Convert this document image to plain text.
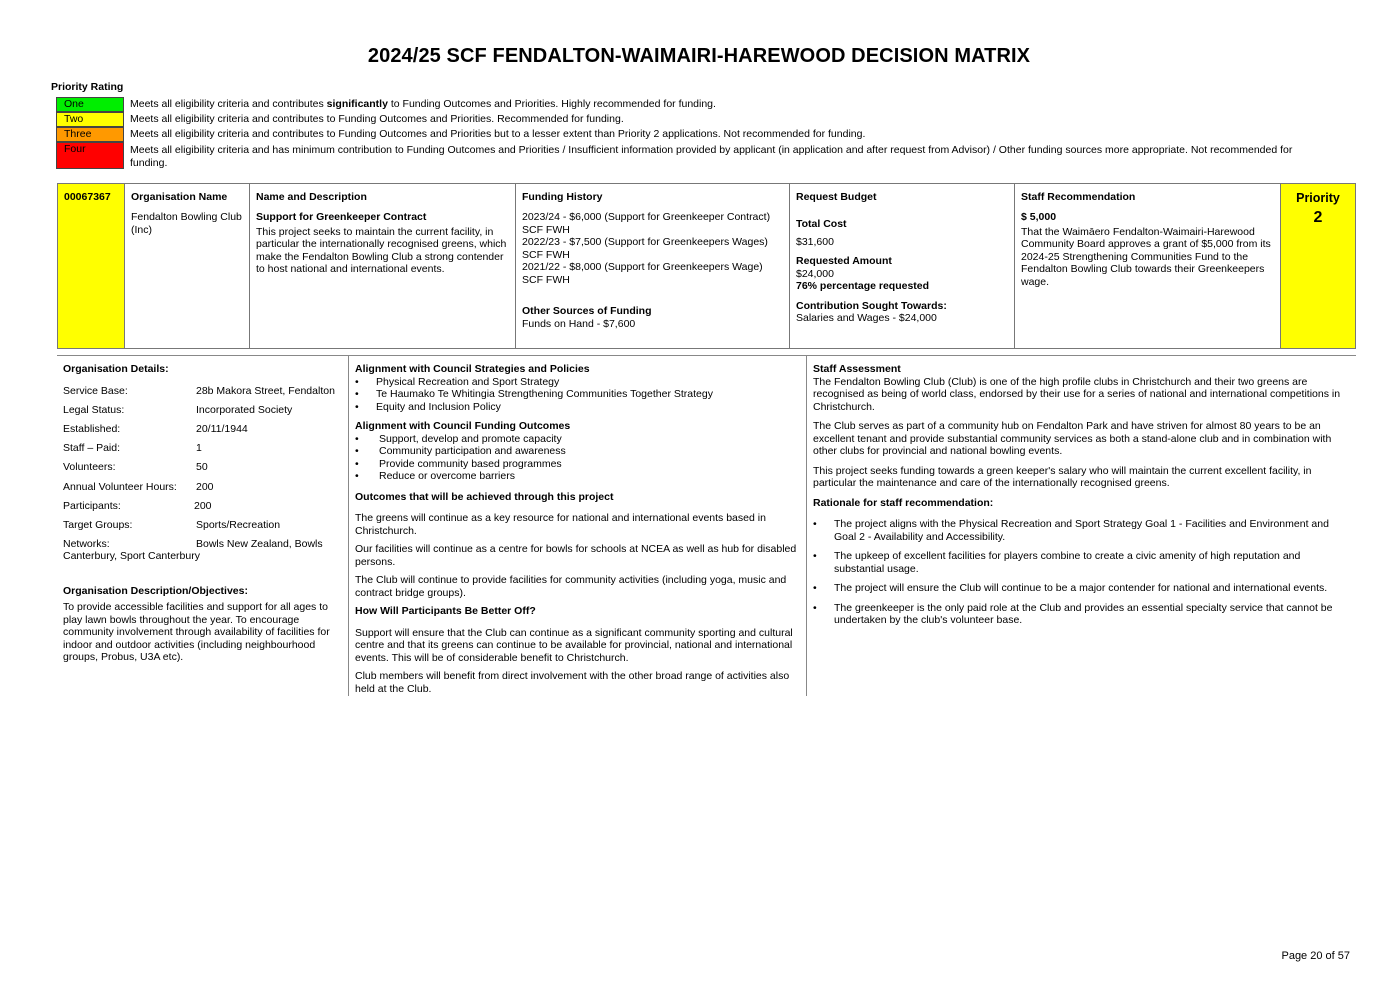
2024/25 SCF FENDALTON-WAIMAIRI-HAREWOOD DECISION MATRIX
Priority Rating
One	Meets all eligibility criteria and contributes significantly to Funding Outcomes and Priorities. Highly recommended for funding.
Two	Meets all eligibility criteria and contributes to Funding Outcomes and Priorities. Recommended for funding.
Three	Meets all eligibility criteria and contributes to Funding Outcomes and Priorities but to a lesser extent than Priority 2 applications. Not recommended for funding.
Four	Meets all eligibility criteria and has minimum contribution to Funding Outcomes and Priorities / Insufficient information provided by applicant (in application and after request from Advisor) / Other funding sources more appropriate. Not recommended for funding.
00067367	Organisation Name
Fendalton Bowling Club (Inc)
Name and Description
Support for Greenkeeper Contract
This project seeks to maintain the current facility, in particular the internationally recognised greens, which make the Fendalton Bowling Club a strong contender to host national and international events.
Funding History
2023/24 - $6,000 (Support for Greenkeeper Contract) SCF FWH
2022/23 - $7,500 (Support for Greenkeepers Wages) SCF FWH
2021/22 - $8,000 (Support for Greenkeepers Wage) SCF FWH
Other Sources of Funding
Funds on Hand - $7,600
Request Budget
Total Cost
$31,600
Requested Amount
$24,000
76% percentage requested
Contribution Sought Towards:
Salaries and Wages - $24,000
Staff Recommendation
$ 5,000
That the Waimāero Fendalton-Waimairi-Harewood Community Board approves a grant of $5,000 from its 2024-25 Strengthening Communities Fund to the Fendalton Bowling Club towards their Greenkeepers wage.
Priority
2
Organisation Details:
Service Base:	28b Makora Street, Fendalton
Legal Status:	Incorporated Society
Established:	20/11/1944
Staff – Paid:	1
Volunteers:	50
Annual Volunteer Hours: 200
Participants:	200
Target Groups:	Sports/Recreation
Networks:	Bowls New Zealand, Bowls
Canterbury, Sport Canterbury
Organisation Description/Objectives:
To provide accessible facilities and support for all ages to play lawn bowls throughout the year. To encourage community involvement through availability of facilities for indoor and outdoor activities (including neighbourhood groups, Probus, U3A etc).
Alignment with Council Strategies and Policies
• Physical Recreation and Sport Strategy
• Te Haumako Te Whitingia Strengthening Communities Together Strategy
• Equity and Inclusion Policy
Alignment with Council Funding Outcomes
• Support, develop and promote capacity
• Community participation and awareness
• Provide community based programmes
• Reduce or overcome barriers
Outcomes that will be achieved through this project

The greens will continue as a key resource for national and international events based in Christchurch.

Our facilities will continue as a centre for bowls for schools at NCEA as well as hub for disabled persons.

The Club will continue to provide facilities for community activities (including yoga, music and contract bridge groups).

How Will Participants Be Better Off?

Support will ensure that the Club can continue as a significant community sporting and cultural centre and that its greens can continue to be available for provincial, national and international events. This will be of considerable benefit to Christchurch.

Club members will benefit from direct involvement with the other broad range of activities also held at the Club.

Staff Assessment

The Fendalton Bowling Club (Club) is one of the high profile clubs in Christchurch and their two greens are recognised as being of world class, endorsed by their use for a series of national and international competitions in Christchurch.

The Club serves as part of a community hub on Fendalton Park and have striven for almost 80 years to be an excellent tenant and provide substantial community services as both a stand-alone club and in combination with other clubs for provincial and national bowling events.

This project seeks funding towards a green keeper's salary who will maintain the current excellent facility, in particular the maintenance and care of the internationally recognised greens.

Rationale for staff recommendation:
• The project aligns with the Physical Recreation and Sport Strategy Goal 1 - Facilities and Environment and Goal 2 - Availability and Accessibility.
• The upkeep of excellent facilities for players combine to create a civic amenity of high reputation and substantial usage.
• The project will ensure the Club will continue to be a major contender for national and international events.
• The greenkeeper is the only paid role at the Club and provides an essential specialty service that cannot be undertaken by the club's volunteer base.
Page 20 of 57
